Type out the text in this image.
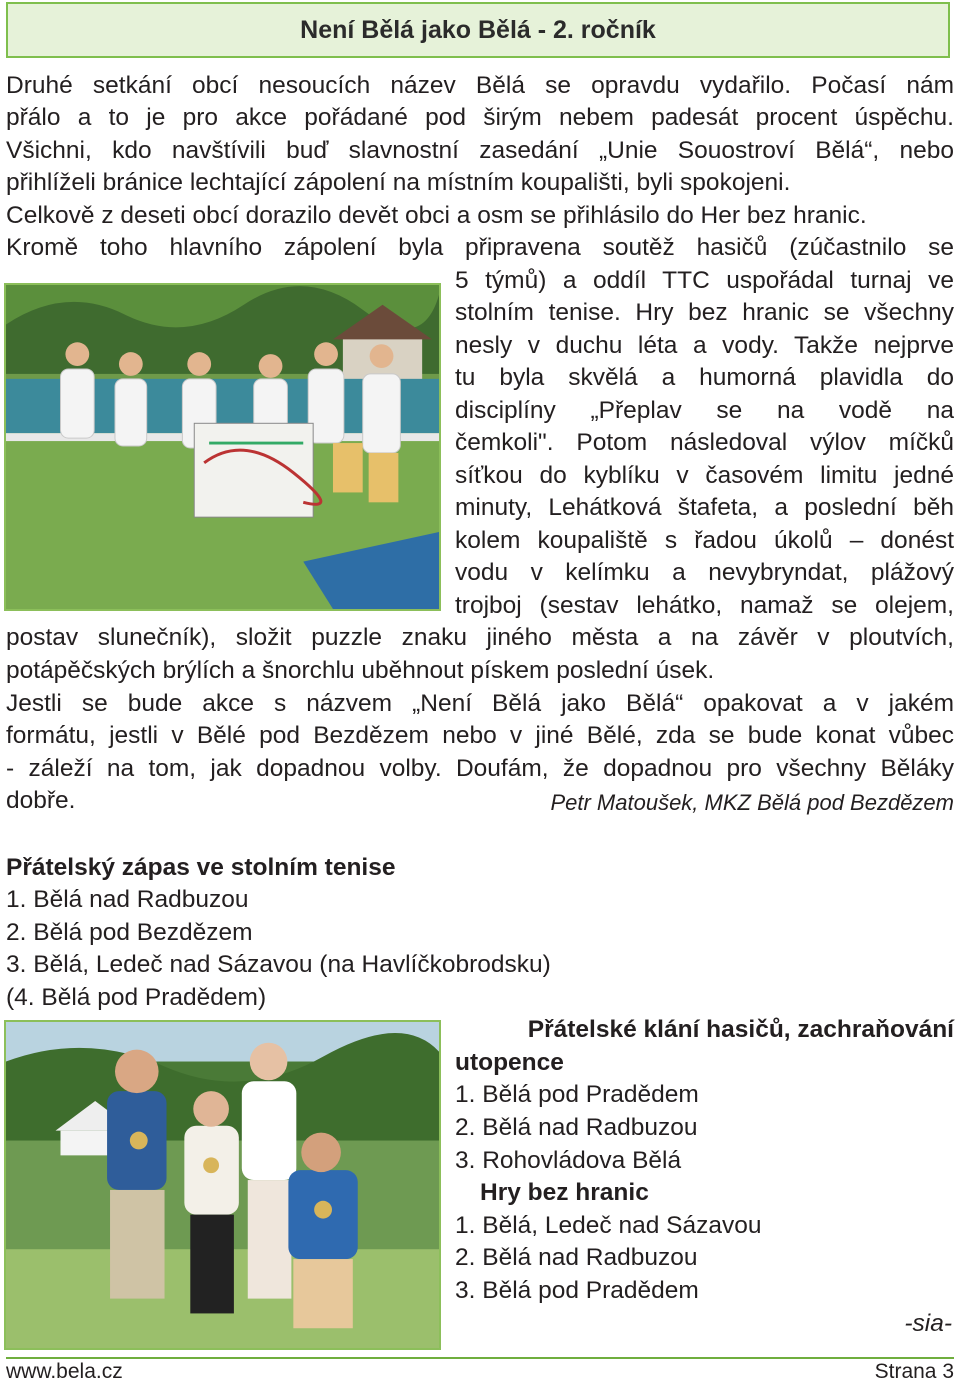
Není Bělá jako Bělá - 2. ročník
Druhé setkání obcí nesoucích název Bělá se opravdu vydařilo. Počasí nám
přálo a to je pro akce pořádané pod širým nebem padesát procent úspěchu.
Všichni, kdo navštívili buď slavnostní zasedání „Unie Souostroví Bělá“, nebo
přihlíželi bránice lechtající zápolení na místním koupališti, byli spokojeni.
Celkově z deseti obcí dorazilo devět obci a osm se přihlásilo do Her bez hranic.
Kromě toho hlavního zápolení byla připravena soutěž hasičů (zúčastnilo se
5 týmů) a oddíl TTC uspořádal turnaj ve
stolním tenise. Hry bez hranic se všechny
nesly v duchu léta a vody. Takže nejprve
tu byla skvělá a humorná plavidla do
disciplíny „Přeplav se na vodě na
čemkoli". Potom následoval výlov míčků
síťkou do kyblíku v časovém limitu jedné
minuty, Lehátková štafeta, a poslední běh
kolem koupaliště s řadou úkolů – donést
vodu v kelímku a nevybryndat, plážový
trojboj (sestav lehátko, namaž se olejem,
postav slunečník), složit puzzle znaku jiného města a na závěr v ploutvích,
potápěčských brýlích a šnorchlu uběhnout pískem poslední úsek.
Jestli se bude akce s názvem „Není Bělá jako Bělá“ opakovat a v jakém
formátu, jestli v Bělé pod Bezdězem nebo v jiné Bělé, zda se bude konat vůbec
- záleží na tom, jak dopadnou volby. Doufám, že dopadnou pro všechny Běláky
dobře.	Petr Matoušek, MKZ Bělá pod Bezdězem
Přátelský zápas ve stolním tenise
1. Bělá nad Radbuzou
2. Bělá pod Bezdězem
3. Bělá, Ledeč nad Sázavou (na Havlíčkobrodsku)
(4. Bělá pod Pradědem)
Přátelské klání hasičů, zachraňování
utopence
1. Bělá pod Pradědem
2. Bělá nad Radbuzou
3. Rohovládova Bělá
Hry bez hranic
1. Bělá, Ledeč nad Sázavou
2. Bělá nad Radbuzou
3. Bělá pod Pradědem
-sia-
www.bela.cz	Strana 3
